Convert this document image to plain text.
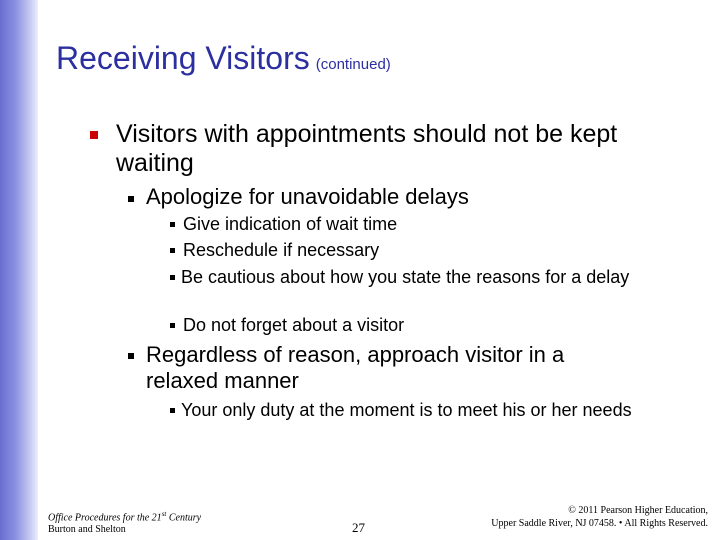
Receiving Visitors (continued)
Visitors with appointments should not be kept waiting
Apologize for unavoidable delays
Give indication of wait time
Reschedule if necessary
Be cautious about how you state the reasons for a delay
Do not forget about a visitor
Regardless of reason, approach visitor in a relaxed manner
Your only duty at the moment is to meet his or her needs
Office Procedures for the 21st Century
Burton and Shelton	27
© 2011 Pearson Higher Education,
Upper Saddle River, NJ 07458. • All Rights Reserved.
